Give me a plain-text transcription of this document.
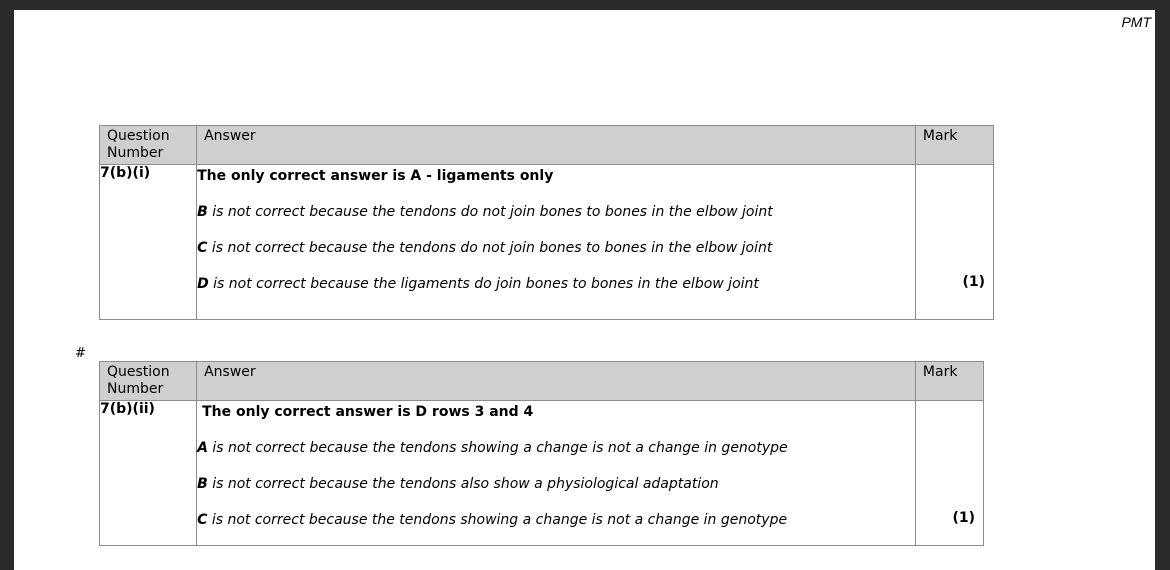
PMT
#
Question
Number	Answer	Mark
7(b)(i)	The only correct answer is A - ligaments only
B is not correct because the tendons do not join bones to bones in the elbow joint
C is not correct because the tendons do not join bones to bones in the elbow joint
D is not correct because the ligaments do join bones to bones in the elbow joint	(1)
Question
Number	Answer	Mark
7(b)(ii)	The only correct answer is D rows 3 and 4
A is not correct because the tendons showing a change is not a change in genotype
B is not correct because the tendons also show a physiological adaptation
C is not correct because the tendons showing a change is not a change in genotype	(1)
